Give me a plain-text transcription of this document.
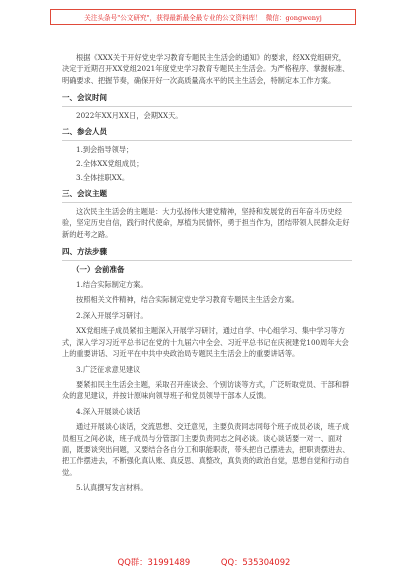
关注头条号"公文研究"，获得最新最全最专业的公文资料库！ 微信：gongwenyj

根据《XXX关于开好党史学习教育专题民主生活会的通知》的要求，经XX党组研究，决定于近期召开XX党组2021年度党史学习教育专题民主生活会。为严格程序、掌握标准、明确要求、把握节奏，确保开好一次高质量高水平的民主生活会，特制定本工作方案。

一、会议时间

2022年XX月XX日，会期XX天。

二、参会人员

1.到会指导领导；

2.全体XX党组成员；

3.全体挂职XX。

三、会议主题

这次民主生活会的主题是：大力弘扬伟大建党精神，坚持和发展党的百年奋斗历史经验，坚定历史自信，践行时代使命，厚植为民情怀，勇于担当作为，团结带领人民群众走好新的赶考之路。

四、方法步骤
（一）会前准备

1.结合实际制定方案。

按照相关文件精神，结合实际制定党史学习教育专题民主生活会方案。

2.深入开展学习研讨。

XX党组班子成员紧扣主题深入开展学习研讨，通过自学、中心组学习、集中学习等方式，深入学习习近平总书记在党的十九届六中全会、习近平总书记在庆祝建党100周年大会上的重要讲话、习近平在中共中央政治局专题民主生活会上的重要讲话等。

3.广泛征求意见建议

要紧扣民主生活会主题，采取召开座谈会、个别访谈等方式，广泛听取党员、干部和群众的意见建议，并按计原味向领导班子和党员领导干部本人反馈。

4.深入开展谈心谈话

通过开展谈心谈话，交流思想、交迁意见，主要负责同志同每个班子成员必谈，班子成员相互之间必谈，班子成员与分管部门主要负责同志之间必谈。谈心谈话要一对一、面对面，既要谈突出问题，又要结合各自分工和职能职责，带头把自己摆进去，把职责摆进去、把工作摆进去，不断强化真认账、真反思、真整改，真负责的政治自觉，思想自觉和行动自觉。

5.认真撰写发言材料。

QQ群：31991489	QQ：535304092
